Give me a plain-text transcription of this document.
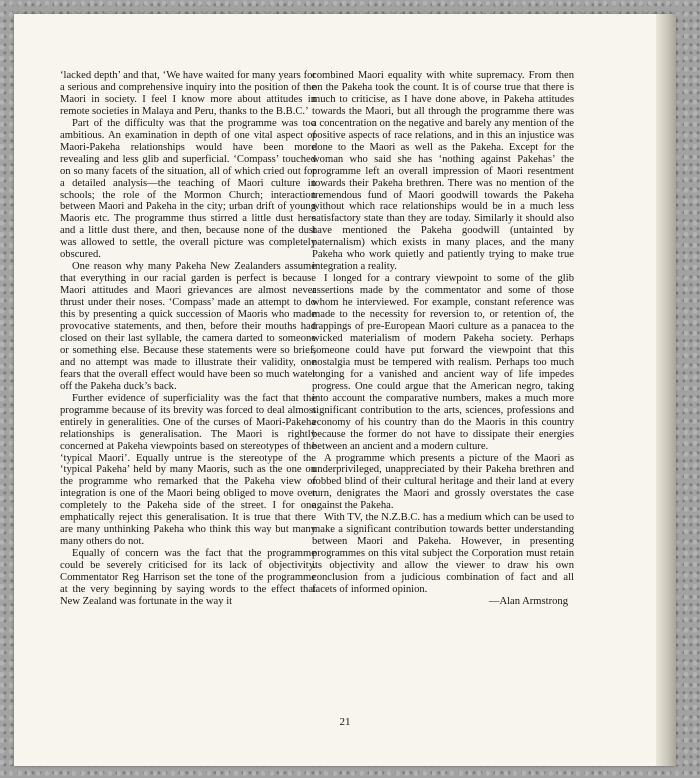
‘lacked depth’ and that, ‘We have waited for many years for a serious and comprehensive inquiry into the position of the Maori in society. I feel I know more about attitudes in remote societies in Malaya and Peru, thanks to the B.B.C.’

Part of the difficulty was that the programme was too ambitious. An examination in depth of one vital aspect of Maori-Pakeha relationships would have been more revealing and less glib and superficial. ‘Compass’ touched on so many facets of the situation, all of which cried out for a detailed analysis—the teaching of Maori culture in schools; the role of the Mormon Church; interaction between Maori and Pakeha in the city; urban drift of young Maoris etc. The programme thus stirred a little dust here and a little dust there, and then, because none of the dust was allowed to settle, the overall picture was completely obscured.

One reason why many Pakeha New Zealanders assume that everything in our racial garden is perfect is because Maori attitudes and Maori grievances are almost never thrust under their noses. ‘Compass’ made an attempt to do this by presenting a quick succession of Maoris who made provocative statements, and then, before their mouths had closed on their last syllable, the camera darted to someone or something else. Because these statements were so brief, and no attempt was made to illustrate their validity, one fears that the overall effect would have been so much water off the Pakeha duck’s back.

Further evidence of superficiality was the fact that the programme because of its brevity was forced to deal almost entirely in generalities. One of the curses of Maori-Pakeha relationships is generalisation. The Maori is rightly concerned at Pakeha viewpoints based on stereotypes of the ‘typical Maori’. Equally untrue is the stereotype of the ‘typical Pakeha’ held by many Maoris, such as the one on the programme who remarked that the Pakeha view of integration is one of the Maori being obliged to move over completely to the Pakeha side of the street. I for one emphatically reject this generalisation. It is true that there are many unthinking Pakeha who think this way but many many others do not.

Equally of concern was the fact that the programme could be severely criticised for its lack of objectivity. Commentator Reg Harrison set the tone of the programme at the very beginning by saying words to the effect that New Zealand was fortunate in the way it

combined Maori equality with white supremacy. From then on the Pakeha took the count. It is of course true that there is much to criticise, as I have done above, in Pakeha attitudes towards the Maori, but all through the programme there was a concentration on the negative and barely any mention of the positive aspects of race relations, and in this an injustice was done to the Maori as well as the Pakeha. Except for the woman who said she has ‘nothing against Pakehas’ the programme left an overall impression of Maori resentment towards their Pakeha brethren. There was no mention of the tremendous fund of Maori goodwill towards the Pakeha without which race relationships would be in a much less satisfactory state than they are today. Similarly it should also have mentioned the Pakeha goodwill (untainted by paternalism) which exists in many places, and the many Pakeha who work quietly and patiently trying to make true integration a reality.

I longed for a contrary viewpoint to some of the glib assertions made by the commentator and some of those whom he interviewed. For example, constant reference was made to the necessity for reversion to, or retention of, the trappings of pre-European Maori culture as a panacea to the wicked materialism of modern Pakeha society. Perhaps someone could have put forward the viewpoint that this nostalgia must be tempered with realism. Perhaps too much longing for a vanished and ancient way of life impedes progress. One could argue that the American negro, taking into account the comparative numbers, makes a much more significant contribution to the arts, sciences, professions and economy of his country than do the Maoris in this country because the former do not have to dissipate their energies between an ancient and a modern culture.

A programme which presents a picture of the Maori as underprivileged, unappreciated by their Pakeha brethren and robbed blind of their cultural heritage and their land at every turn, denigrates the Maori and grossly overstates the case against the Pakeha.

With TV, the N.Z.B.C. has a medium which can be used to make a significant contribution towards better understanding between Maori and Pakeha. However, in presenting programmes on this vital subject the Corporation must retain its objectivity and allow the viewer to draw his own conclusion from a judicious combination of fact and all facets of informed opinion.

—Alan Armstrong

21
